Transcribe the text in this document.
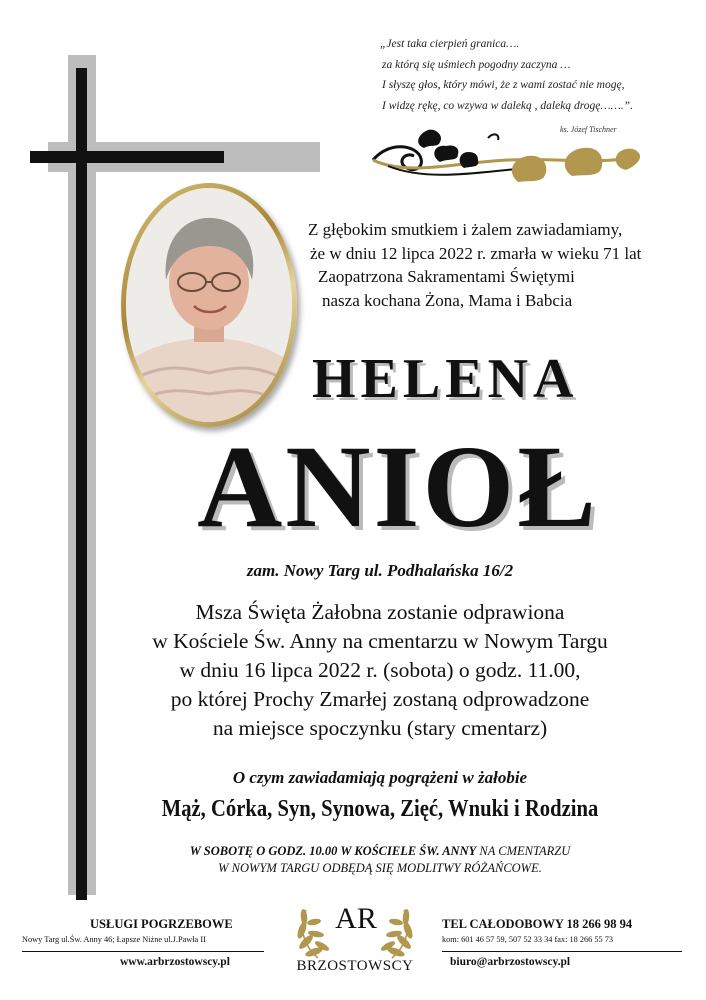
„Jest taka cierpień granica….
za którą się uśmiech pogodny zaczyna …
I słyszę głos, który mówi, że z wami zostać nie mogę,
I widzę rękę, co wzywa w daleką , daleką drogę…….”.
ks. Józef Tischner
Z głębokim smutkiem i żalem zawiadamiamy,
że w dniu 12 lipca 2022 r. zmarła w wieku 71 lat
Zaopatrzona Sakramentami Świętymi
nasza kochana Żona, Mama i Babcia
HELENA
ANIOŁ
zam. Nowy Targ ul. Podhalańska 16/2
Msza Święta Żałobna zostanie odprawiona
w Kościele Św. Anny na cmentarzu w Nowym Targu
w dniu 16 lipca 2022 r. (sobota) o godz. 11.00,
po której Prochy Zmarłej zostaną odprowadzone
na miejsce spoczynku (stary cmentarz)
O czym zawiadamiają pogrążeni w żałobie
Mąż, Córka, Syn, Synowa, Zięć, Wnuki i Rodzina
W SOBOTĘ O GODZ. 10.00 W KOŚCIELE ŚW. ANNY NA CMENTARZU
W NOWYM TARGU ODBĘDĄ SIĘ MODLITWY RÓŻAŃCOWE.
USŁUGI POGRZEBOWE
Nowy Targ ul.Św. Anny 46; Łapsze Niżne ul.J.Pawła II
www.arbrzostowscy.pl
AR
BRZOSTOWSCY
TEL CAŁODOBOWY 18 266 98 94
kom: 601 46 57 59, 507 52 33 34 fax: 18 266 55 73
biuro@arbrzostowscy.pl
